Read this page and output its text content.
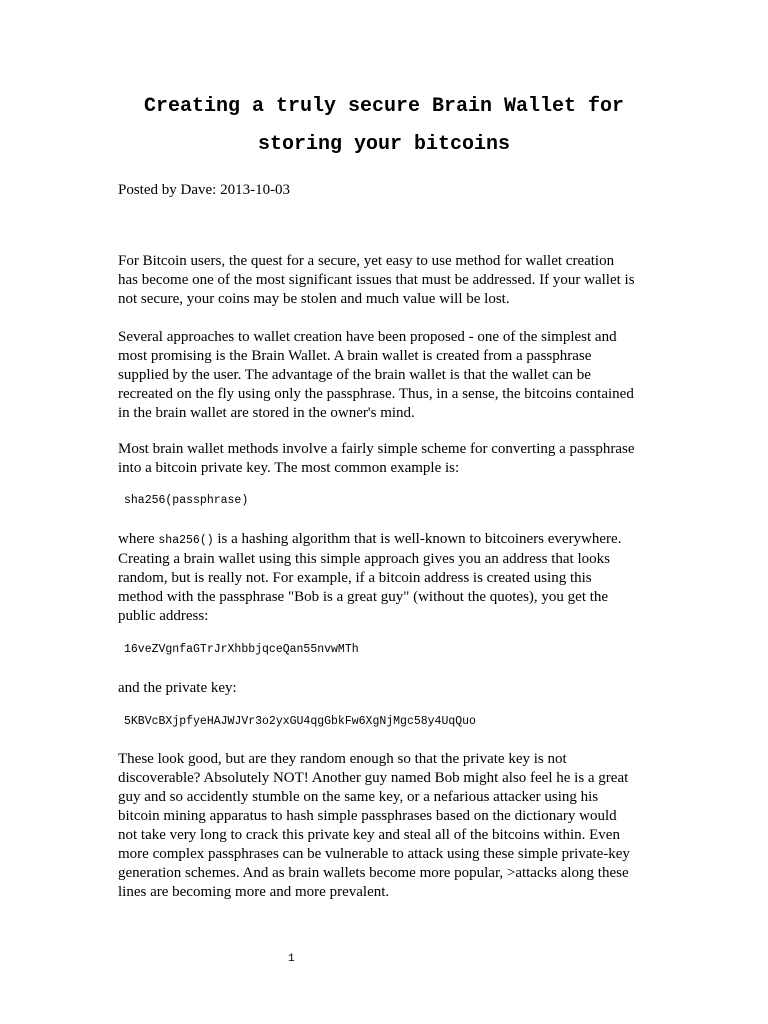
Creating a truly secure Brain Wallet for
storing your bitcoins

Posted by Dave: 2013-10-03

For Bitcoin users, the quest for a secure, yet easy to use method for wallet creation
has become one of the most significant issues that must be addressed. If your wallet is
not secure, your coins may be stolen and much value will be lost.

Several approaches to wallet creation have been proposed - one of the simplest and
most promising is the Brain Wallet. A brain wallet is created from a passphrase
supplied by the user. The advantage of the brain wallet is that the wallet can be
recreated on the fly using only the passphrase. Thus, in a sense, the bitcoins contained
in the brain wallet are stored in the owner's mind.

Most brain wallet methods involve a fairly simple scheme for converting a passphrase
into a bitcoin private key. The most common example is:

sha256(passphrase)

where sha256() is a hashing algorithm that is well-known to bitcoiners everywhere.
Creating a brain wallet using this simple approach gives you an address that looks
random, but is really not. For example, if a bitcoin address is created using this
method with the passphrase "Bob is a great guy" (without the quotes), you get the
public address:

16veZVgnfaGTrJrXhbbjqceQan55nvwMTh

and the private key:

5KBVcBXjpfyeHAJWJVr3o2yxGU4qgGbkFw6XgNjMgc58y4UqQuo

These look good, but are they random enough so that the private key is not
discoverable? Absolutely NOT! Another guy named Bob might also feel he is a great
guy and so accidently stumble on the same key, or a nefarious attacker using his
bitcoin mining apparatus to hash simple passphrases based on the dictionary would
not take very long to crack this private key and steal all of the bitcoins within. Even
more complex passphrases can be vulnerable to attack using these simple private-key
generation schemes. And as brain wallets become more popular, >attacks along these
lines are becoming more and more prevalent.

1
